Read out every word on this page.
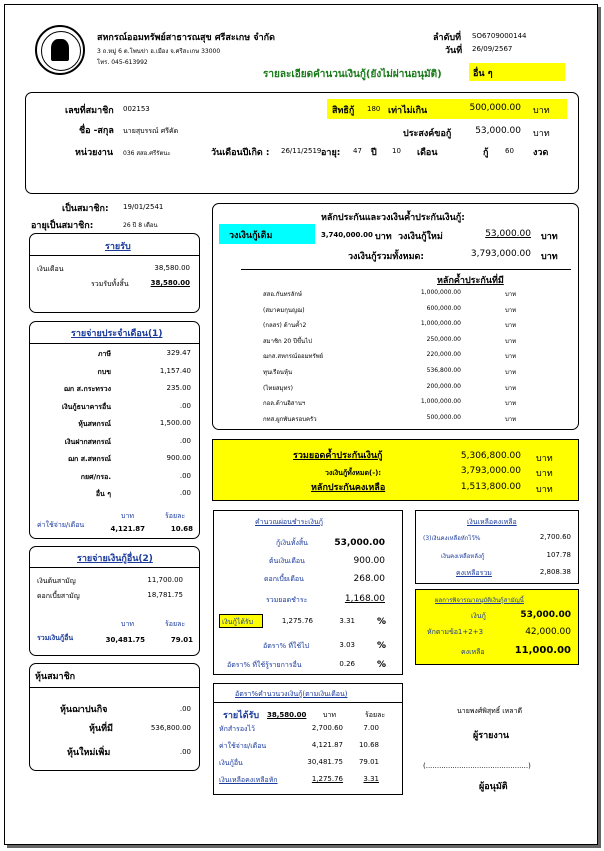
สหกรณ์ออมทรัพย์สาธารณสุข ศรีสะเกษ จำกัด
3 ถ.หมู่ 6 ต.โพนข่า อ.เมือง จ.ศรีสะเกษ 33000
โทร. 045-613992
ลำดับที่ SO6709000144
วันที่ 26/09/2567
รายละเอียดคำนวนเงินกู้(ยังไม่ผ่านอนุมัติ)	อื่น ๆ
เลขที่สมาชิก 002153
ชื่อ -สกุล นายสุบรรณ์ ศรีคัด
หน่วยงาน 036 สสอ.ศรีรัตนะ	วันเดือนปีเกิด : 26/11/2519
สิทธิกู้ 180 เท่าไม่เกิน	500,000.00 บาท
ประสงค์ขอกู้	53,000.00 บาท
อายุ: 47 ปี 10 เดือน	กู้ 60 งวด
เป็นสมาชิก: 19/01/2541
อายุเป็นสมาชิก:	26 ปี 8 เดือน
รายรับ
เงินเดือน	38,580.00
รวมรับทั้งสิ้น	38,580.00
รายจ่ายประจำเดือน(1)
ภาษี	329.47
กบข	1,157.40
ฌก ส.กระทรวง	235.00
เงินกู้ธนาคารอื่น	.00
หุ้นสหกรณ์	1,500.00
เงินฝากสหกรณ์	.00
ฌก ส.สหกรณ์	900.00
กยศ/กรอ.	.00
อื่น ๆ	.00
บาท	ร้อยละ
ค่าใช้จ่าย/เดือน	4,121.87	10.68
รายจ่ายเงินกู้อื่น(2)
เงินต้นสามัญ	11,700.00
ดอกเบี้ยสามัญ	18,781.75
บาท	ร้อยละ
รวมเงินกู้อื่น	30,481.75	79.01
หุ้นสมาชิก
หุ้นฌาปนกิจ	.00
หุ้นที่มี	536,800.00
หุ้นใหม่เพิ่ม	.00
หลักประกันและวงเงินค้ำประกันเงินกู้:
วงเงินกู้เดิม	3,740,000.00 บาท วงเงินกู้ใหม่	53,000.00 บาท
วงเงินกู้รวมทั้งหมด:	3,793,000.00 บาท
หลักค้ำประกันที่มี
สสอ.กันทรลักษ์	1,000,000.00	บาท
(สมาคมกุนญฌ)	600,000.00	บาท
(กลสร) ด้านค้ำ2	1,000,000.00	บาท
สมาชิก 20 ปีขึ้นไป	250,000.00	บาท
ฌกส.สหกรณ์ออมทรัพย์	220,000.00	บาท
ทุนเรือนหุ้น	536,800.00	บาท
(ไทยสมุทร)	200,000.00	บาท
กอล.ด้านอิสานฯ	1,000,000.00	บาท
กทส.ผูกพันครอบครัว	500,000.00	บาท
รวมยอดค้ำประกันเงินกู้	5,306,800.00 บาท
วงเงินกู้ทั้งหมด(-):	3,793,000.00 บาท
หลักประกันคงเหลือ	1,513,800.00 บาท
คำนวณผ่อนชำระเงินกู้
กู้เงินทั้งสิ้น	53,000.00
ต้นเงินเดือน	900.00
ดอกเบี้ยเดือน	268.00
รวมยอดชำระ	1,168.00
เงินกู้ได้รับ	1,275.76	3.31 %
อัตรา% ที่ใช้ไป	3.03 %
อัตรา% ที่ใช้รู้รายการอื่น	0.26 %
เงินเหลือคงเหลือ
(3)เงินคงเหลือหักไว้%	2,700.60
เงินคงเหลือหลังกู้	107.78
คงเหลือรวม	2,808.38
ผลการพิจารณาอนุมัติเงินกู้สามัญนี้
เงินกู้	53,000.00
หักตามข้อ1+2+3	42,000.00
คงเหลือ	11,000.00
อัตรา%คำนวนวงเงินกู้(ตามเงินเดือน)
รายได้รับ 38,580.00 บาท	ร้อยละ
หักสำรองไว้	2,700.60	7.00
ค่าใช้จ่าย/เดือน	4,121.87	10.68
เงินกู้อื่น	30,481.75	79.01
เงินเหลือคงเหลือหัก	1,275.76	3.31
นายพงศ์พิสุทธิ์ เหลาดี
ผู้รายงาน
(..............................................)
ผู้อนุมัติ
